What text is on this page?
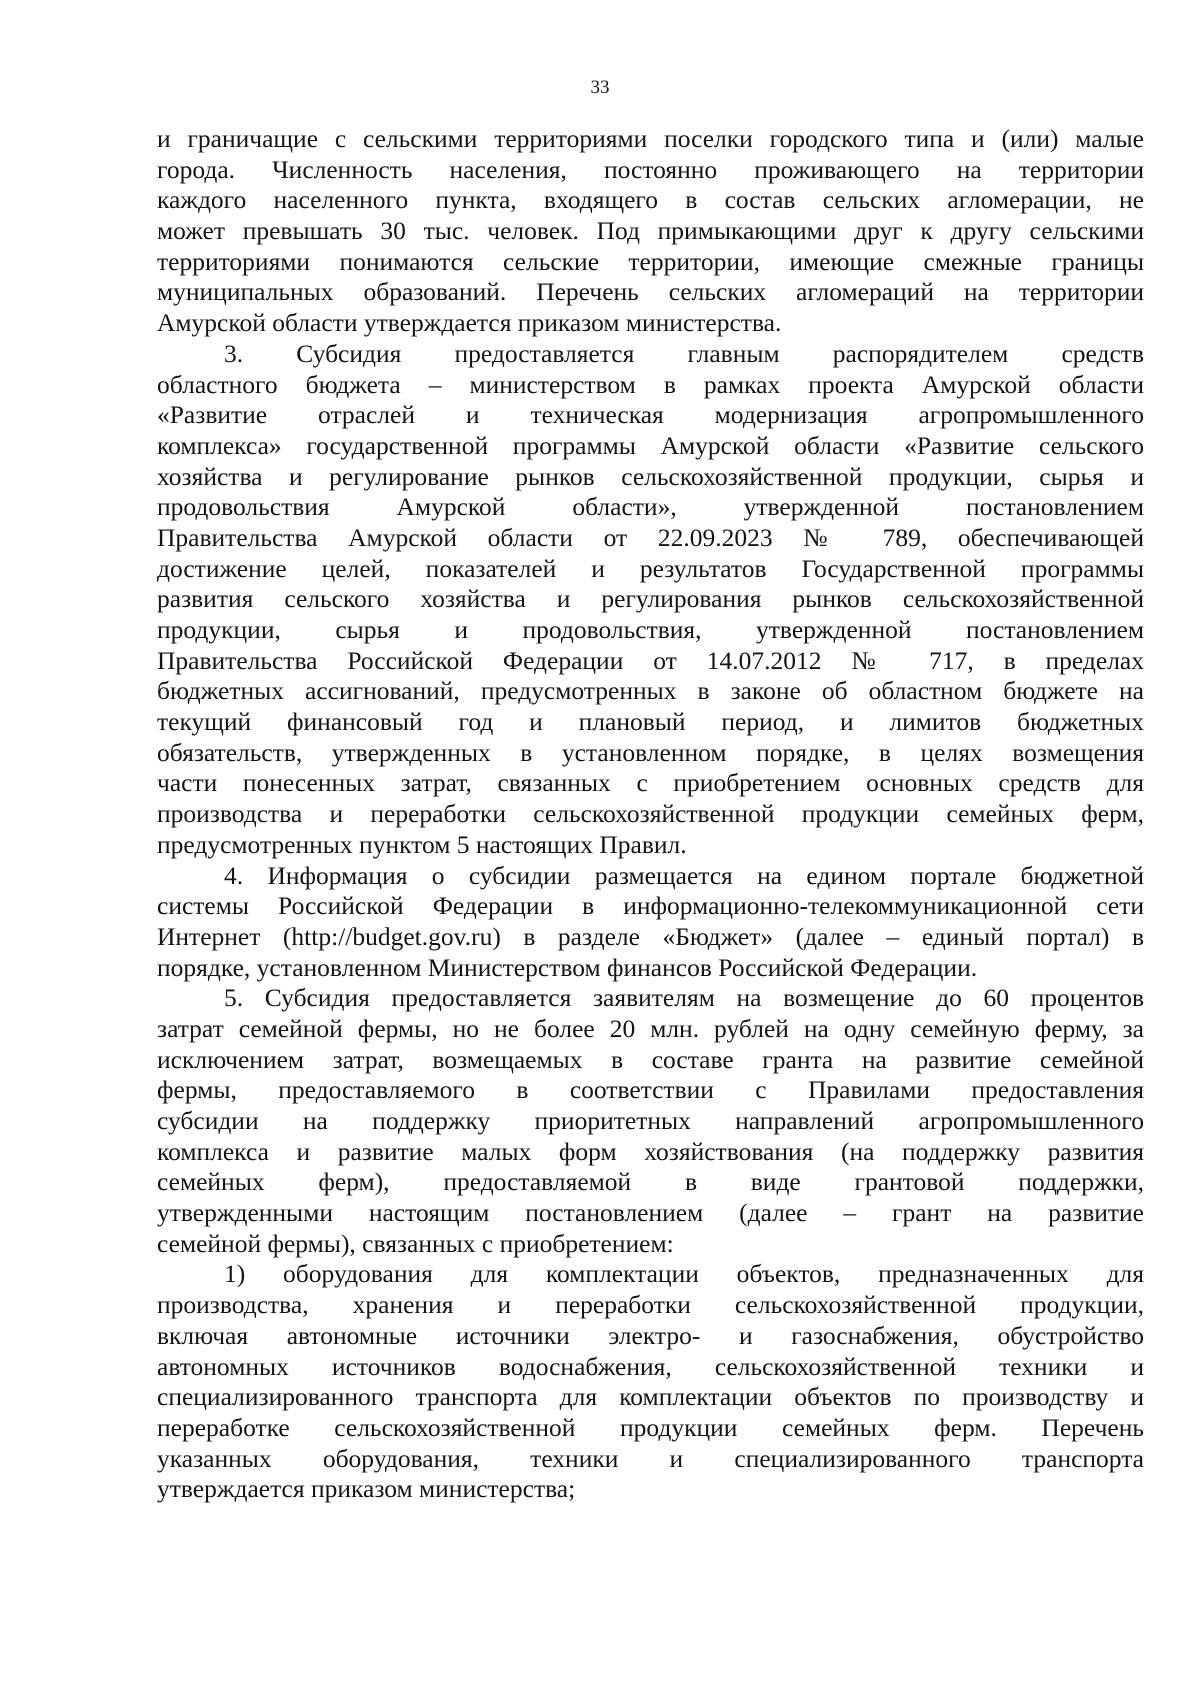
33
и граничащие с сельскими территориями поселки городского типа и (или) малые
города. Численность населения, постоянно проживающего на территории
каждого населенного пункта, входящего в состав сельских агломерации, не
может превышать 30 тыс. человек. Под примыкающими друг к другу сельскими
территориями понимаются сельские территории, имеющие смежные границы
муниципальных образований. Перечень сельских агломераций на территории
Амурской области утверждается приказом министерства.
3. Субсидия предоставляется главным распорядителем средств
областного бюджета – министерством в рамках проекта Амурской области
«Развитие отраслей и техническая модернизация агропромышленного
комплекса» государственной программы Амурской области «Развитие сельского
хозяйства и регулирование рынков сельскохозяйственной продукции, сырья и
продовольствия Амурской области», утвержденной постановлением
Правительства Амурской области от 22.09.2023 № 789, обеспечивающей
достижение целей, показателей и результатов Государственной программы
развития сельского хозяйства и регулирования рынков сельскохозяйственной
продукции, сырья и продовольствия, утвержденной постановлением
Правительства Российской Федерации от 14.07.2012 № 717, в пределах
бюджетных ассигнований, предусмотренных в законе об областном бюджете на
текущий финансовый год и плановый период, и лимитов бюджетных
обязательств, утвержденных в установленном порядке, в целях возмещения
части понесенных затрат, связанных с приобретением основных средств для
производства и переработки сельскохозяйственной продукции семейных ферм,
предусмотренных пунктом 5 настоящих Правил.
4. Информация о субсидии размещается на едином портале бюджетной
системы Российской Федерации в информационно-телекоммуникационной сети
Интернет (http://budget.gov.ru) в разделе «Бюджет» (далее – единый портал) в
порядке, установленном Министерством финансов Российской Федерации.
5. Субсидия предоставляется заявителям на возмещение до 60 процентов
затрат семейной фермы, но не более 20 млн. рублей на одну семейную ферму, за
исключением затрат, возмещаемых в составе гранта на развитие семейной
фермы, предоставляемого в соответствии с Правилами предоставления
субсидии на поддержку приоритетных направлений агропромышленного
комплекса и развитие малых форм хозяйствования (на поддержку развития
семейных ферм), предоставляемой в виде грантовой поддержки,
утвержденными настоящим постановлением (далее – грант на развитие
семейной фермы), связанных с приобретением:
1) оборудования для комплектации объектов, предназначенных для
производства, хранения и переработки сельскохозяйственной продукции,
включая автономные источники электро- и газоснабжения, обустройство
автономных источников водоснабжения, сельскохозяйственной техники и
специализированного транспорта для комплектации объектов по производству и
переработке сельскохозяйственной продукции семейных ферм. Перечень
указанных оборудования, техники и специализированного транспорта
утверждается приказом министерства;
